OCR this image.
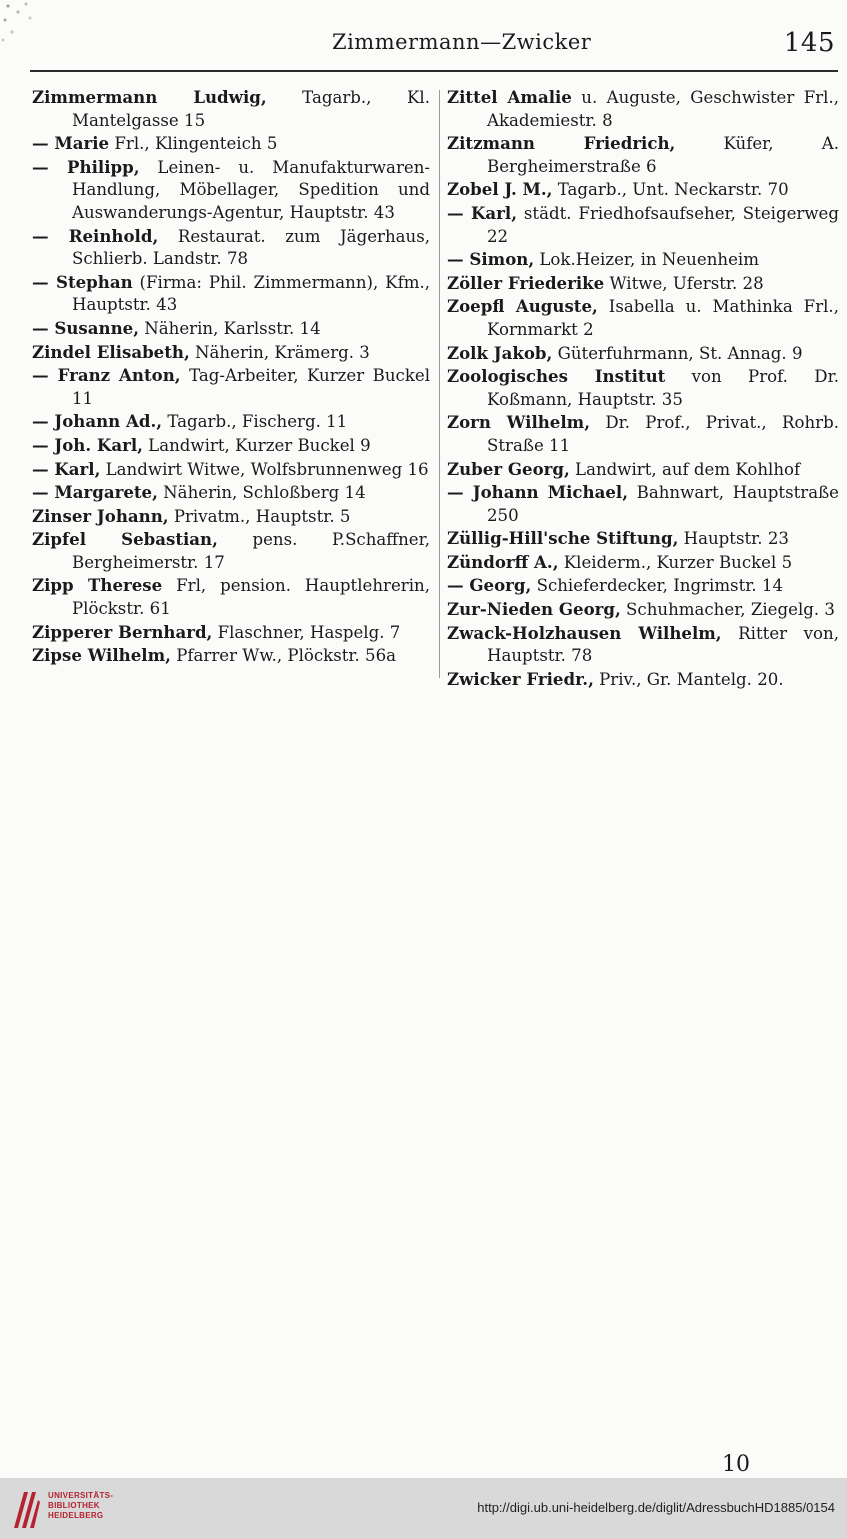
Zimmermann—Zwicker	145

Zimmermann Ludwig, Tagarb., Kl. Mantelgasse 15

— Marie Frl., Klingenteich 5

— Philipp, Leinen- u. Manufakturwaren-Handlung, Möbellager, Spedition und Auswanderungs-Agentur, Hauptstr. 43

— Reinhold, Restaurat. zum Jägerhaus, Schlierb. Landstr. 78

— Stephan (Firma: Phil. Zimmermann), Kfm., Hauptstr. 43

— Susanne, Näherin, Karlsstr. 14

Zindel Elisabeth, Näherin, Krämerg. 3

— Franz Anton, Tag-Arbeiter, Kurzer Buckel 11

— Johann Ad., Tagarb., Fischerg. 11

— Joh. Karl, Landwirt, Kurzer Buckel 9

— Karl, Landwirt Witwe, Wolfsbrunnenweg 16

— Margarete, Näherin, Schloßberg 14

Zinser Johann, Privatm., Hauptstr. 5

Zipfel Sebastian, pens. P.Schaffner, Bergheimerstr. 17

Zipp Therese Frl, pension. Hauptlehrerin, Plöckstr. 61

Zipperer Bernhard, Flaschner, Haspelg. 7

Zipse Wilhelm, Pfarrer Ww., Plöckstr. 56a

Zittel Amalie u. Auguste, Geschwister Frl., Akademiestr. 8

Zitzmann Friedrich, Küfer, A. Bergheimerstraße 6

Zobel J. M., Tagarb., Unt. Neckarstr. 70

— Karl, städt. Friedhofsaufseher, Steigerweg 22

— Simon, Lok.Heizer, in Neuenheim

Zöller Friederike Witwe, Uferstr. 28

Zoepfl Auguste, Isabella u. Mathinka Frl., Kornmarkt 2

Zolk Jakob, Güterfuhrmann, St. Annag. 9

Zoologisches Institut von Prof. Dr. Koßmann, Hauptstr. 35

Zorn Wilhelm, Dr. Prof., Privat., Rohrb. Straße 11

Zuber Georg, Landwirt, auf dem Kohlhof

— Johann Michael, Bahnwart, Hauptstraße 250

Züllig-Hill'sche Stiftung, Hauptstr. 23

Zündorff A., Kleiderm., Kurzer Buckel 5

— Georg, Schieferdecker, Ingrimstr. 14

Zur-Nieden Georg, Schuhmacher, Ziegelg. 3

Zwack-Holzhausen Wilhelm, Ritter von, Hauptstr. 78

Zwicker Friedr., Priv., Gr. Mantelg. 20.

10
UNIVERSITÄTS-
BIBLIOTHEK
HEIDELBERG
http://digi.ub.uni-heidelberg.de/diglit/AdressbuchHD1885/0154
